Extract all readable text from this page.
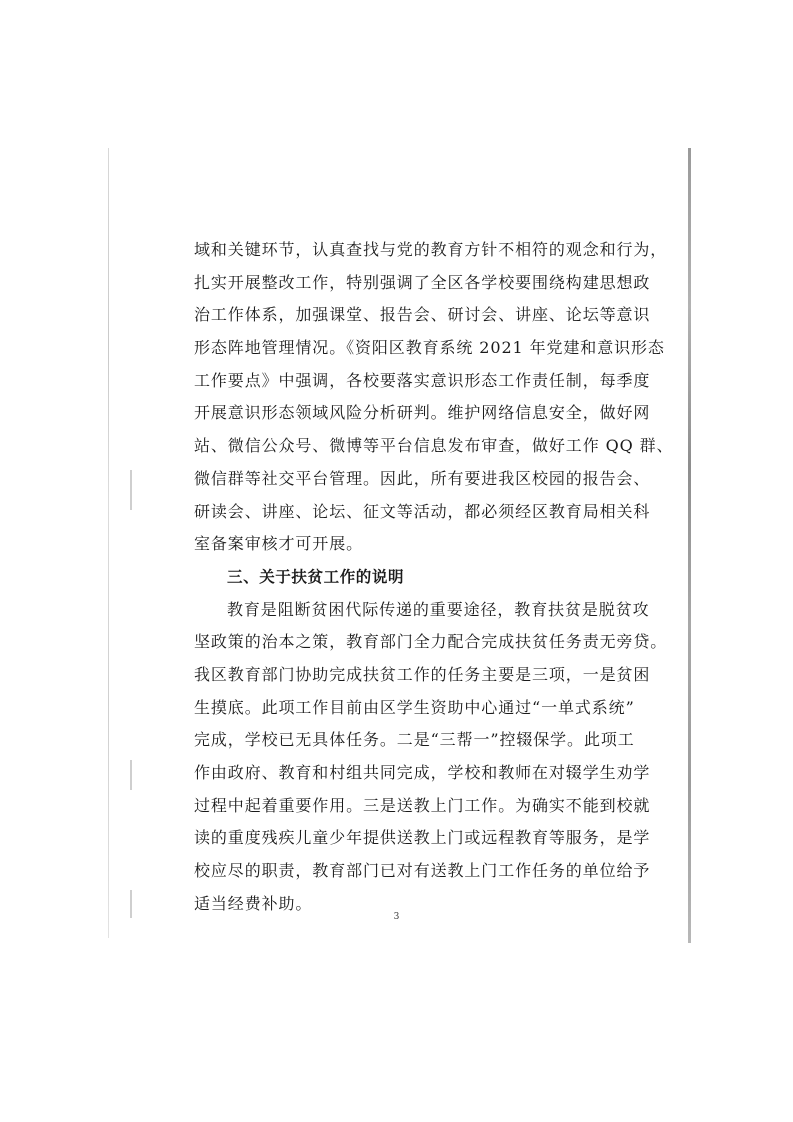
域和关键环节，认真查找与党的教育方针不相符的观念和行为，
扎实开展整改工作，特别强调了全区各学校要围绕构建思想政
治工作体系，加强课堂、报告会、研讨会、讲座、论坛等意识
形态阵地管理情况。《资阳区教育系统 2021 年党建和意识形态
工作要点》中强调，各校要落实意识形态工作责任制，每季度
开展意识形态领域风险分析研判。维护网络信息安全，做好网
站、微信公众号、微博等平台信息发布审查，做好工作 QQ 群、
微信群等社交平台管理。因此，所有要进我区校园的报告会、
研读会、讲座、论坛、征文等活动，都必须经区教育局相关科
室备案审核才可开展。
三、关于扶贫工作的说明
教育是阻断贫困代际传递的重要途径，教育扶贫是脱贫攻
坚政策的治本之策，教育部门全力配合完成扶贫任务责无旁贷。
我区教育部门协助完成扶贫工作的任务主要是三项，一是贫困
生摸底。此项工作目前由区学生资助中心通过“一单式系统”
完成，学校已无具体任务。二是“三帮一”控辍保学。此项工
作由政府、教育和村组共同完成，学校和教师在对辍学生劝学
过程中起着重要作用。三是送教上门工作。为确实不能到校就
读的重度残疾儿童少年提供送教上门或远程教育等服务，是学
校应尽的职责，教育部门已对有送教上门工作任务的单位给予
适当经费补助。
3
